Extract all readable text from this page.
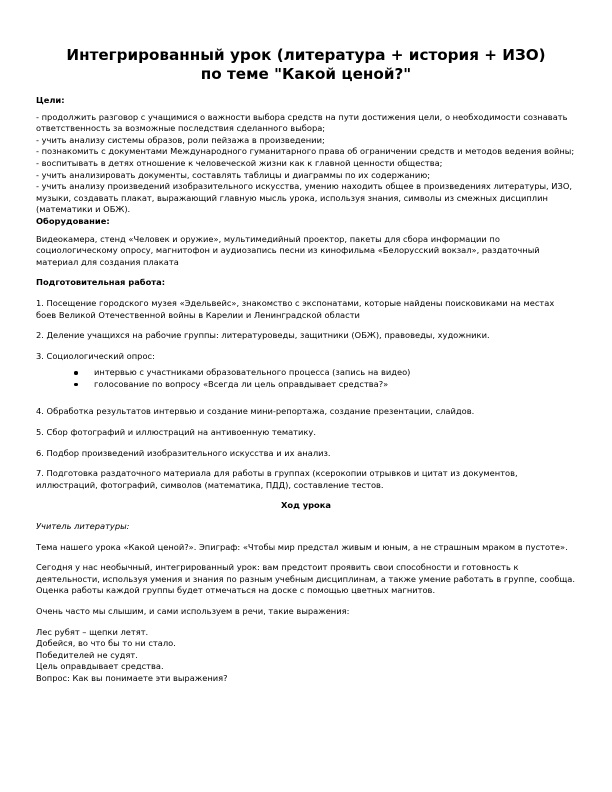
Интегрированный урок (литература + история + ИЗО)
по теме "Какой ценой?"
Цели:
- продолжить разговор с учащимися о важности выбора средств на пути достижения цели, о необходимости сознавать ответственность за возможные последствия сделанного выбора;
- учить анализу системы образов, роли пейзажа в произведении;
- познакомить с документами Международного гуманитарного права об ограничении средств и методов ведения войны;
- воспитывать в детях отношение к человеческой жизни как к главной ценности общества;
- учить анализировать документы, составлять таблицы и диаграммы по их содержанию;
- учить анализу произведений изобразительного искусства, умению находить общее в произведениях литературы, ИЗО, музыки, создавать плакат, выражающий главную мысль урока, используя знания, символы из смежных дисциплин (математики и ОБЖ).
Оборудование:
Видеокамера, стенд «Человек и оружие», мультимедийный проектор, пакеты для сбора информации по социологическому опросу, магнитофон и аудиозапись песни из кинофильма «Белорусский вокзал», раздаточный материал для создания плаката
Подготовительная работа:
1. Посещение городского музея «Эдельвейс», знакомство с экспонатами, которые найдены поисковиками на местах боев Великой Отечественной войны в Карелии и Ленинградской области
2. Деление учащихся на рабочие группы: литературоведы, защитники (ОБЖ), правоведы, художники.
3. Социологический опрос:
интервью с участниками образовательного процесса (запись на видео)
голосование по вопросу «Всегда ли цель оправдывает средства?»
4. Обработка результатов интервью и создание мини-репортажа, создание презентации, слайдов.
5. Сбор фотографий и иллюстраций на антивоенную тематику.
6. Подбор произведений изобразительного искусства и их анализ.
7. Подготовка раздаточного материала для работы в группах (ксерокопии отрывков и цитат из документов, иллюстраций, фотографий, символов (математика, ПДД), составление тестов.
Ход урока
Учитель литературы:
Тема нашего урока «Какой ценой?». Эпиграф: «Чтобы мир предстал живым и юным, а не страшным мраком в пустоте».
Сегодня у нас необычный, интегрированный урок: вам предстоит проявить свои способности и готовность к деятельности, используя умения и знания по разным учебным дисциплинам, а также умение работать в группе, сообща. Оценка работы каждой группы будет отмечаться на доске с помощью цветных магнитов.
Очень часто мы слышим, и сами используем в речи, такие выражения:
Лес рубят – щепки летят.
Добейся, во что бы то ни стало.
Победителей не судят.
Цель оправдывает средства.
Вопрос: Как вы понимаете эти выражения?
